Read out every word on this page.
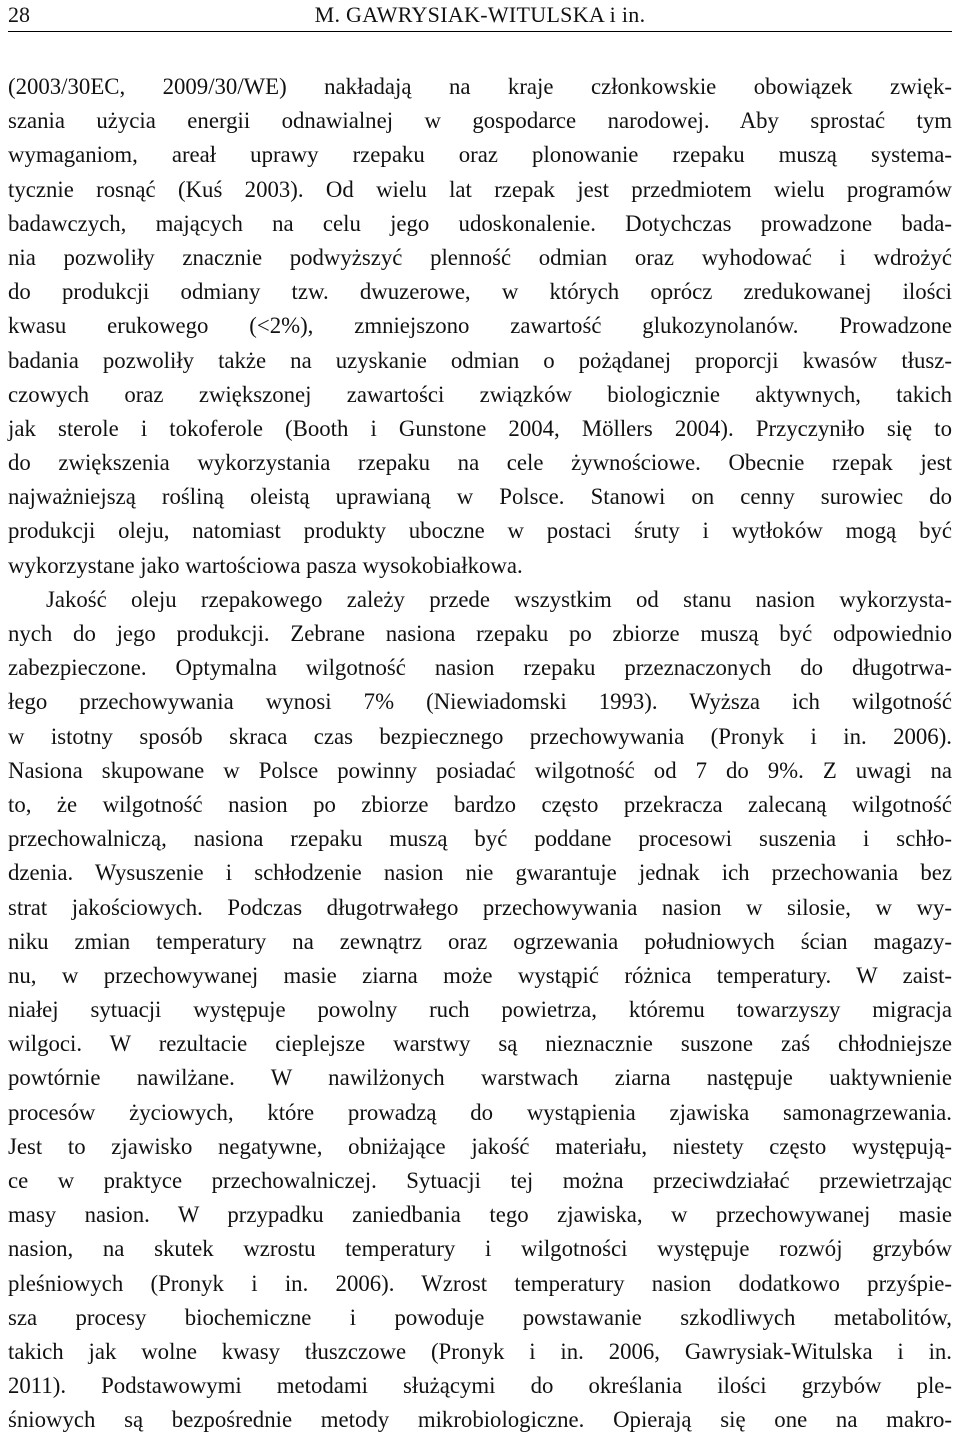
28	M. GAWRYSIAK-WITULSKA i in.
(2003/30EC, 2009/30/WE) nakładają na kraje członkowskie obowiązek zwięk-
szania użycia energii odnawialnej w gospodarce narodowej. Aby sprostać tym
wymaganiom, areał uprawy rzepaku oraz plonowanie rzepaku muszą systema-
tycznie rosnąć (Kuś 2003). Od wielu lat rzepak jest przedmiotem wielu programów
badawczych, mających na celu jego udoskonalenie. Dotychczas prowadzone bada-
nia pozwoliły znacznie podwyższyć plenność odmian oraz wyhodować i wdrożyć
do produkcji odmiany tzw. dwuzerowe, w których oprócz zredukowanej ilości
kwasu erukowego (<2%), zmniejszono zawartość glukozynolanów. Prowadzone
badania pozwoliły także na uzyskanie odmian o pożądanej proporcji kwasów tłusz-
czowych oraz zwiększonej zawartości związków biologicznie aktywnych, takich
jak sterole i tokoferole (Booth i Gunstone 2004, Möllers 2004). Przyczyniło się to
do zwiększenia wykorzystania rzepaku na cele żywnościowe. Obecnie rzepak jest
najważniejszą rośliną oleistą uprawianą w Polsce. Stanowi on cenny surowiec do
produkcji oleju, natomiast produkty uboczne w postaci śruty i wytłoków mogą być
wykorzystane jako wartościowa pasza wysokobiałkowa.
Jakość oleju rzepakowego zależy przede wszystkim od stanu nasion wykorzysta-
nych do jego produkcji. Zebrane nasiona rzepaku po zbiorze muszą być odpowiednio
zabezpieczone. Optymalna wilgotność nasion rzepaku przeznaczonych do długotrwa-
łego przechowywania wynosi 7% (Niewiadomski 1993). Wyższa ich wilgotność
w istotny sposób skraca czas bezpiecznego przechowywania (Pronyk i in. 2006).
Nasiona skupowane w Polsce powinny posiadać wilgotność od 7 do 9%. Z uwagi na
to, że wilgotność nasion po zbiorze bardzo często przekracza zalecaną wilgotność
przechowalniczą, nasiona rzepaku muszą być poddane procesowi suszenia i schło-
dzenia. Wysuszenie i schłodzenie nasion nie gwarantuje jednak ich przechowania bez
strat jakościowych. Podczas długotrwałego przechowywania nasion w silosie, w wy-
niku zmian temperatury na zewnątrz oraz ogrzewania południowych ścian magazy-
nu, w przechowywanej masie ziarna może wystąpić różnica temperatury. W zaist-
niałej sytuacji występuje powolny ruch powietrza, któremu towarzyszy migracja
wilgoci. W rezultacie cieplejsze warstwy są nieznacznie suszone zaś chłodniejsze
powtórnie nawilżane. W nawilżonych warstwach ziarna następuje uaktywnienie
procesów życiowych, które prowadzą do wystąpienia zjawiska samonagrzewania.
Jest to zjawisko negatywne, obniżające jakość materiału, niestety często występują-
ce w praktyce przechowalniczej. Sytuacji tej można przeciwdziałać przewietrzając
masy nasion. W przypadku zaniedbania tego zjawiska, w przechowywanej masie
nasion, na skutek wzrostu temperatury i wilgotności występuje rozwój grzybów
pleśniowych (Pronyk i in. 2006). Wzrost temperatury nasion dodatkowo przyśpie-
sza procesy biochemiczne i powoduje powstawanie szkodliwych metabolitów,
takich jak wolne kwasy tłuszczowe (Pronyk i in. 2006, Gawrysiak-Witulska i in.
2011). Podstawowymi metodami służącymi do określania ilości grzybów ple-
śniowych są bezpośrednie metody mikrobiologiczne. Opierają się one na makro-
